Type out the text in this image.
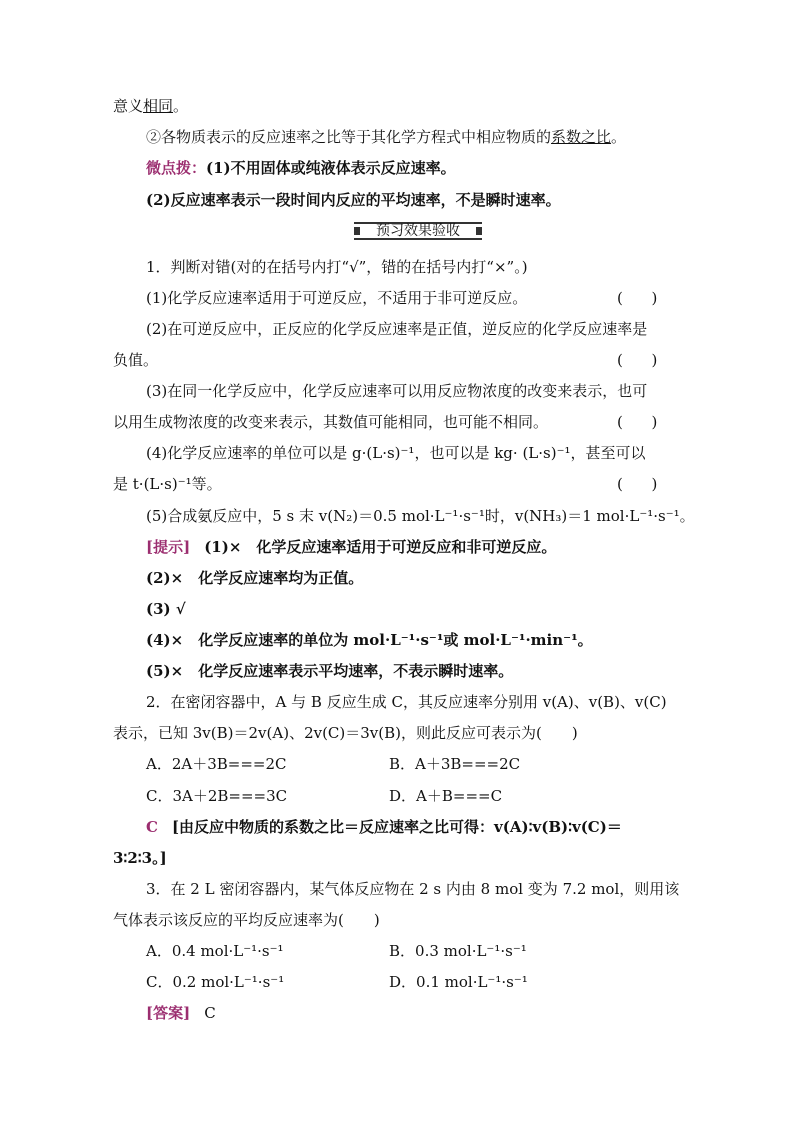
意义相同。
②各物质表示的反应速率之比等于其化学方程式中相应物质的系数之比。
微点拨：(1)不用固体或纯液体表示反应速率。
(2)反应速率表示一段时间内反应的平均速率，不是瞬时速率。
预习效果验收
1．判断对错(对的在括号内打“√”，错的在括号内打“×”。)
(1)化学反应速率适用于可逆反应，不适用于非可逆反应。	(      )
(2)在可逆反应中，正反应的化学反应速率是正值，逆反应的化学反应速率是
负值。	(      )
(3)在同一化学反应中，化学反应速率可以用反应物浓度的改变来表示，也可
以用生成物浓度的改变来表示，其数值可能相同，也可能不相同。	(      )
(4)化学反应速率的单位可以是 g·(L·s)⁻¹，也可以是 kg· (L·s)⁻¹，甚至可以
是 t·(L·s)⁻¹等。	(      )
(5)合成氨反应中，5 s 末 v(N₂)＝0.5 mol·L⁻¹·s⁻¹时，v(NH₃)＝1 mol·L⁻¹·s⁻¹。
[提示] (1)×　化学反应速率适用于可逆反应和非可逆反应。
(2)×　化学反应速率均为正值。
(3) √
(4)×　化学反应速率的单位为 mol·L⁻¹·s⁻¹或 mol·L⁻¹·min⁻¹。
(5)×　化学反应速率表示平均速率，不表示瞬时速率。
2．在密闭容器中，A 与 B 反应生成 C，其反应速率分别用 v(A)、v(B)、v(C)
表示，已知 3v(B)＝2v(A)、2v(C)＝3v(B)，则此反应可表示为(　　)
A．2A＋3B===2C	B．A＋3B===2C
C．3A＋2B===3C	D．A＋B===C
C [由反应中物质的系数之比＝反应速率之比可得：v(A)∶v(B)∶v(C)＝
3∶2∶3。]
3．在 2 L 密闭容器内，某气体反应物在 2 s 内由 8 mol 变为 7.2 mol，则用该
气体表示该反应的平均反应速率为(　　)
A．0.4 mol·L⁻¹·s⁻¹	B．0.3 mol·L⁻¹·s⁻¹
C．0.2 mol·L⁻¹·s⁻¹	D．0.1 mol·L⁻¹·s⁻¹
[答案] C
